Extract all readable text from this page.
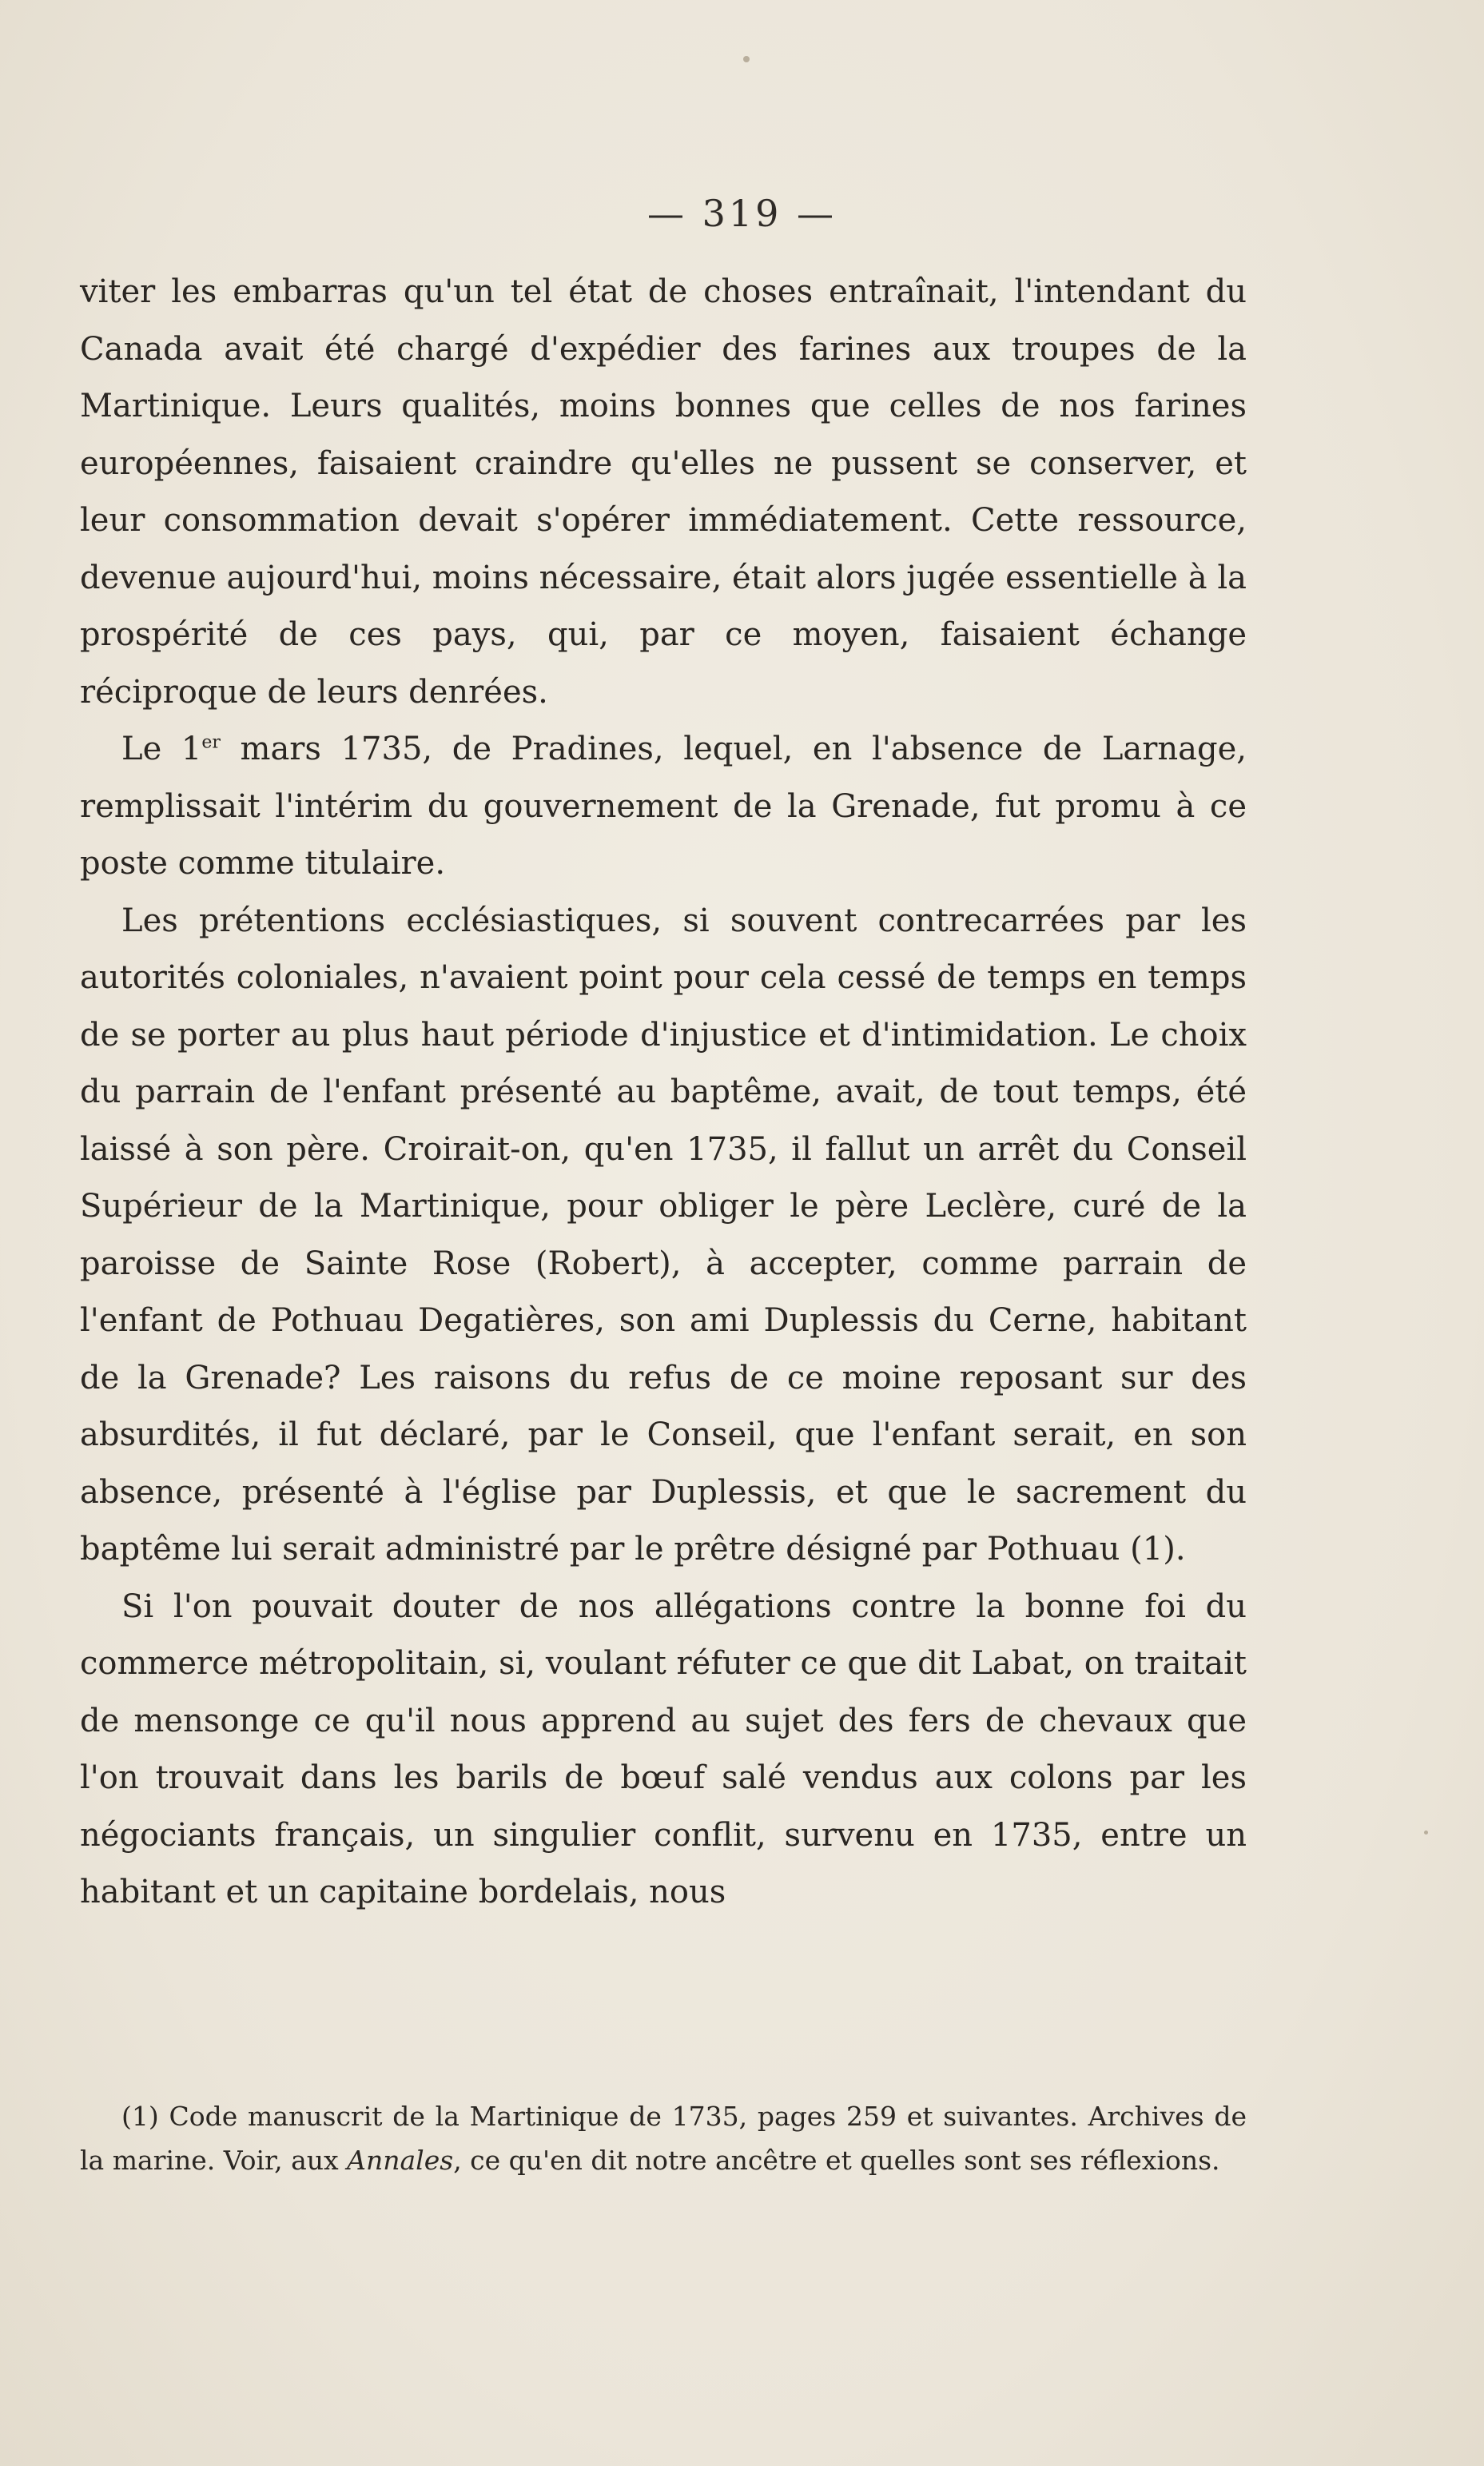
— 319 —

viter les embarras qu'un tel état de choses entraînait, l'intendant du Canada avait été chargé d'expédier des farines aux troupes de la Martinique. Leurs qualités, moins bonnes que celles de nos farines européennes, faisaient craindre qu'elles ne pussent se conserver, et leur consommation devait s'opérer immédiatement. Cette ressource, devenue aujourd'hui, moins nécessaire, était alors jugée essentielle à la prospérité de ces pays, qui, par ce moyen, faisaient échange réciproque de leurs denrées.

Le 1er mars 1735, de Pradines, lequel, en l'absence de Larnage, remplissait l'intérim du gouvernement de la Grenade, fut promu à ce poste comme titulaire.

Les prétentions ecclésiastiques, si souvent contrecarrées par les autorités coloniales, n'avaient point pour cela cessé de temps en temps de se porter au plus haut période d'injustice et d'intimidation. Le choix du parrain de l'enfant présenté au baptême, avait, de tout temps, été laissé à son père. Croirait-on, qu'en 1735, il fallut un arrêt du Conseil Supérieur de la Martinique, pour obliger le père Leclère, curé de la paroisse de Sainte Rose (Robert), à accepter, comme parrain de l'enfant de Pothuau Degatières, son ami Duplessis du Cerne, habitant de la Grenade? Les raisons du refus de ce moine reposant sur des absurdités, il fut déclaré, par le Conseil, que l'enfant serait, en son absence, présenté à l'église par Duplessis, et que le sacrement du baptême lui serait administré par le prêtre désigné par Pothuau (1).

Si l'on pouvait douter de nos allégations contre la bonne foi du commerce métropolitain, si, voulant réfuter ce que dit Labat, on traitait de mensonge ce qu'il nous apprend au sujet des fers de chevaux que l'on trouvait dans les barils de bœuf salé vendus aux colons par les négociants français, un singulier conflit, survenu en 1735, entre un habitant et un capitaine bordelais, nous

(1) Code manuscrit de la Martinique de 1735, pages 259 et suivantes. Archives de la marine. Voir, aux Annales, ce qu'en dit notre ancêtre et quelles sont ses réflexions.
